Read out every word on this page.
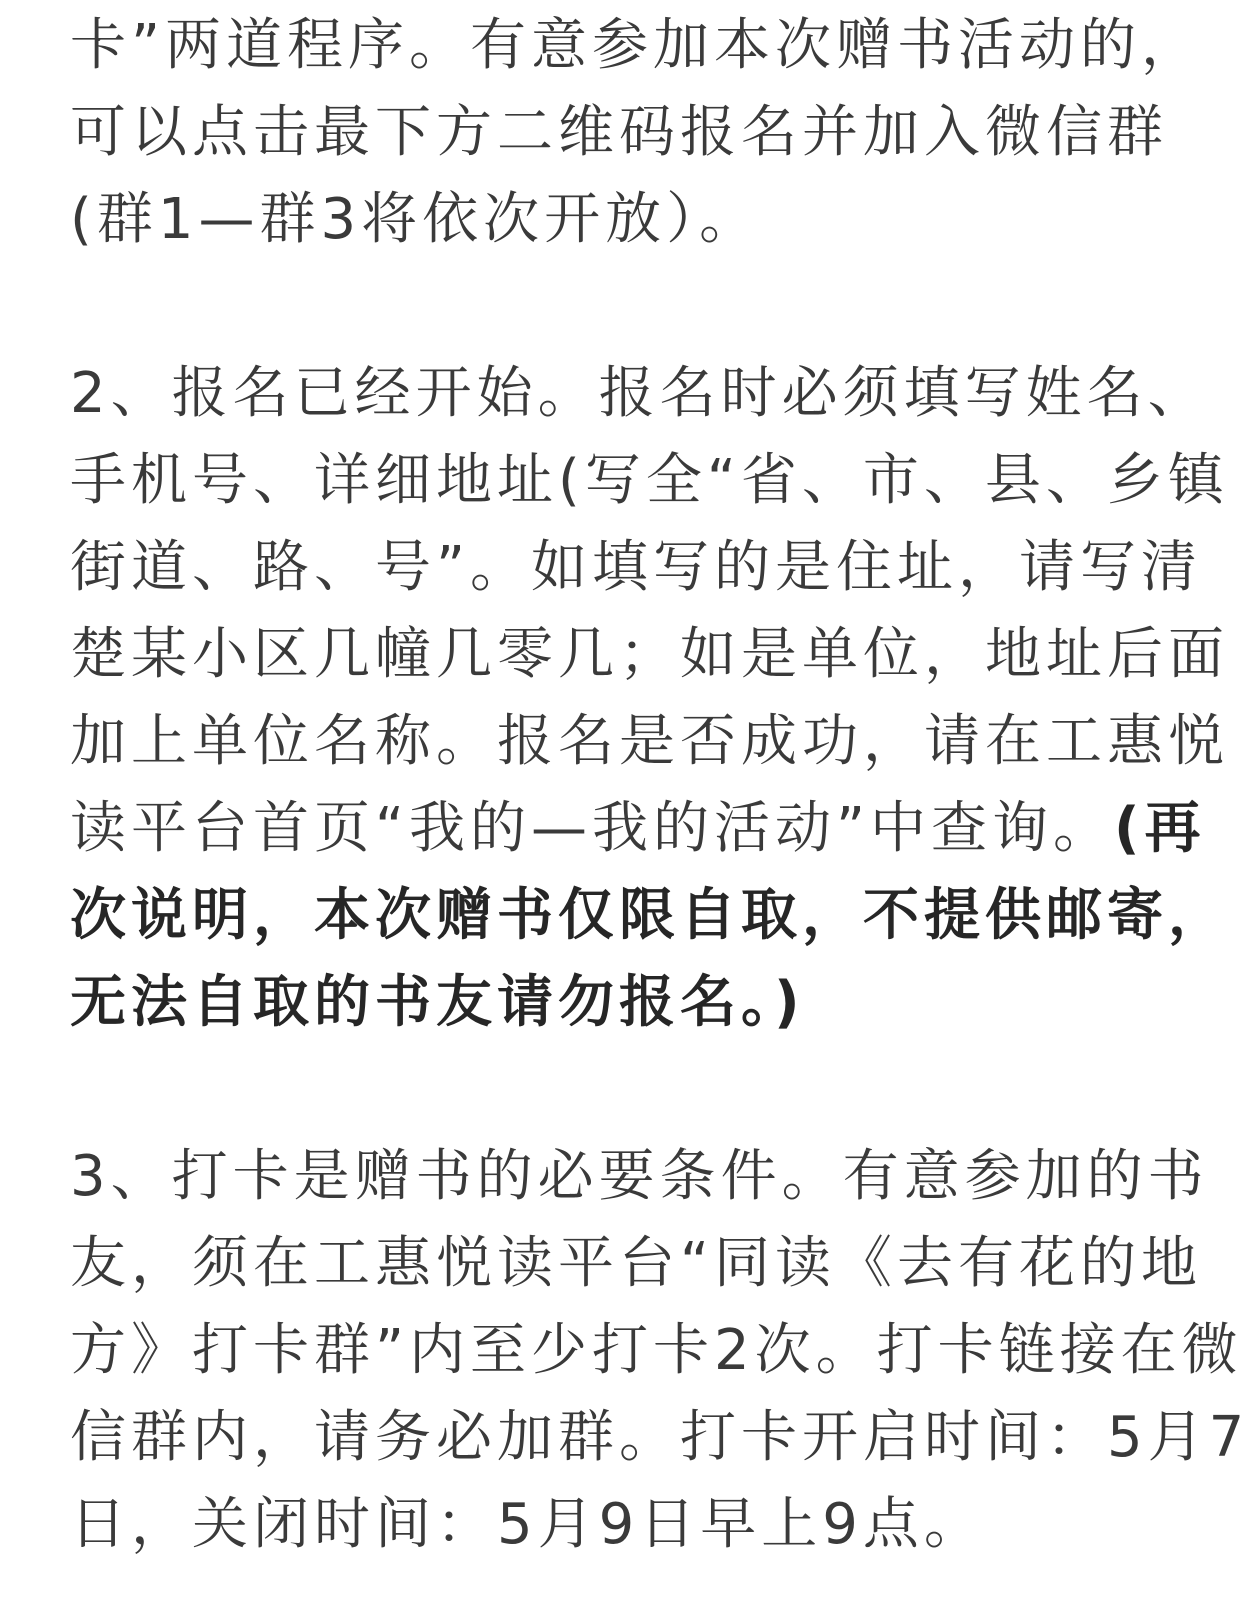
卡”两道程序。有意参加本次赠书活动的，
可以点击最下方二维码报名并加入微信群
(群1—群3将依次开放）。

2、报名已经开始。报名时必须填写姓名、
手机号、详细地址(写全“省、市、县、乡镇
街道、路、号”。如填写的是住址，请写清
楚某小区几幢几零几；如是单位，地址后面
加上单位名称。报名是否成功，请在工惠悦
读平台首页“我的—我的活动”中查询。(再
次说明，本次赠书仅限自取，不提供邮寄，
无法自取的书友请勿报名。)

3、打卡是赠书的必要条件。有意参加的书
友，须在工惠悦读平台“同读《去有花的地
方》打卡群”内至少打卡2次。打卡链接在微
信群内，请务必加群。打卡开启时间：5月7
日，关闭时间：5月9日早上9点。
